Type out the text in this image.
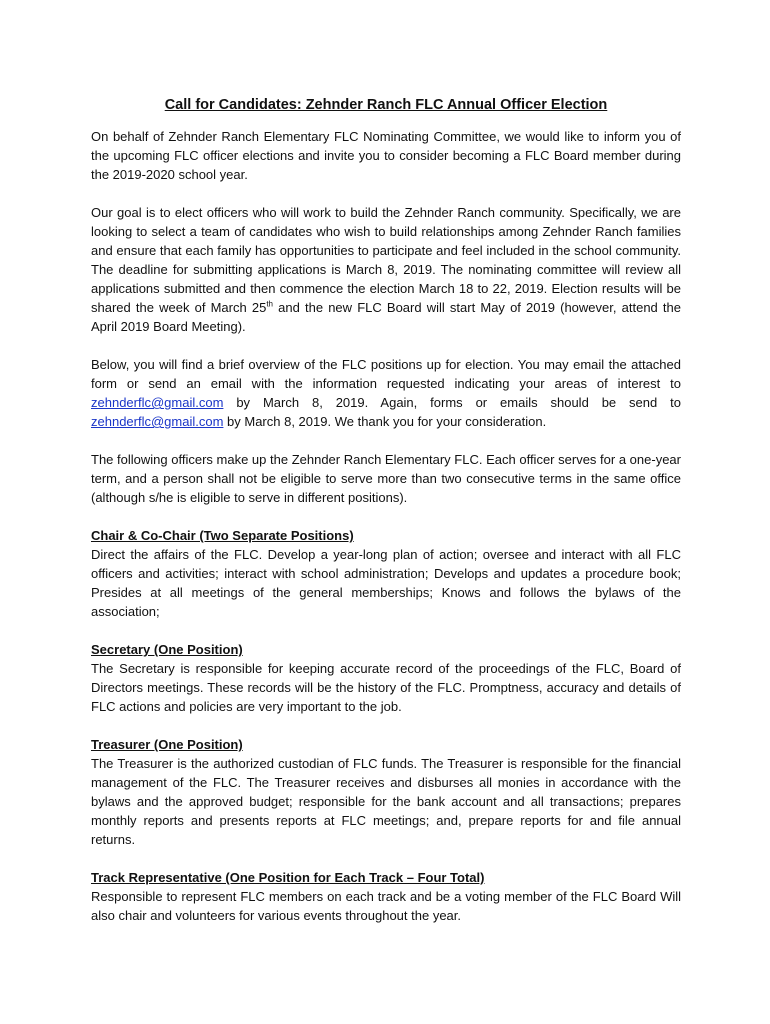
Call for Candidates: Zehnder Ranch FLC Annual Officer Election

On behalf of Zehnder Ranch Elementary FLC Nominating Committee, we would like to inform you of the upcoming FLC officer elections and invite you to consider becoming a FLC Board member during the 2019-2020 school year.

Our goal is to elect officers who will work to build the Zehnder Ranch community. Specifically, we are looking to select a team of candidates who wish to build relationships among Zehnder Ranch families and ensure that each family has opportunities to participate and feel included in the school community. The deadline for submitting applications is March 8, 2019. The nominating committee will review all applications submitted and then commence the election March 18 to 22, 2019. Election results will be shared the week of March 25th and the new FLC Board will start May of 2019 (however, attend the April 2019 Board Meeting).

Below, you will find a brief overview of the FLC positions up for election. You may email the attached form or send an email with the information requested indicating your areas of interest to zehnderflc@gmail.com by March 8, 2019. Again, forms or emails should be send to zehnderflc@gmail.com by March 8, 2019. We thank you for your consideration.

The following officers make up the Zehnder Ranch Elementary FLC. Each officer serves for a one-year term, and a person shall not be eligible to serve more than two consecutive terms in the same office (although s/he is eligible to serve in different positions).

Chair & Co-Chair (Two Separate Positions)

Direct the affairs of the FLC. Develop a year-long plan of action; oversee and interact with all FLC officers and activities; interact with school administration; Develops and updates a procedure book; Presides at all meetings of the general memberships; Knows and follows the bylaws of the association;

Secretary (One Position)

The Secretary is responsible for keeping accurate record of the proceedings of the FLC, Board of Directors meetings. These records will be the history of the FLC. Promptness, accuracy and details of FLC actions and policies are very important to the job.

Treasurer (One Position)

The Treasurer is the authorized custodian of FLC funds. The Treasurer is responsible for the financial management of the FLC. The Treasurer receives and disburses all monies in accordance with the bylaws and the approved budget; responsible for the bank account and all transactions; prepares monthly reports and presents reports at FLC meetings; and, prepare reports for and file annual returns.

Track Representative (One Position for Each Track – Four Total)

Responsible to represent FLC members on each track and be a voting member of the FLC Board Will also chair and volunteers for various events throughout the year.
